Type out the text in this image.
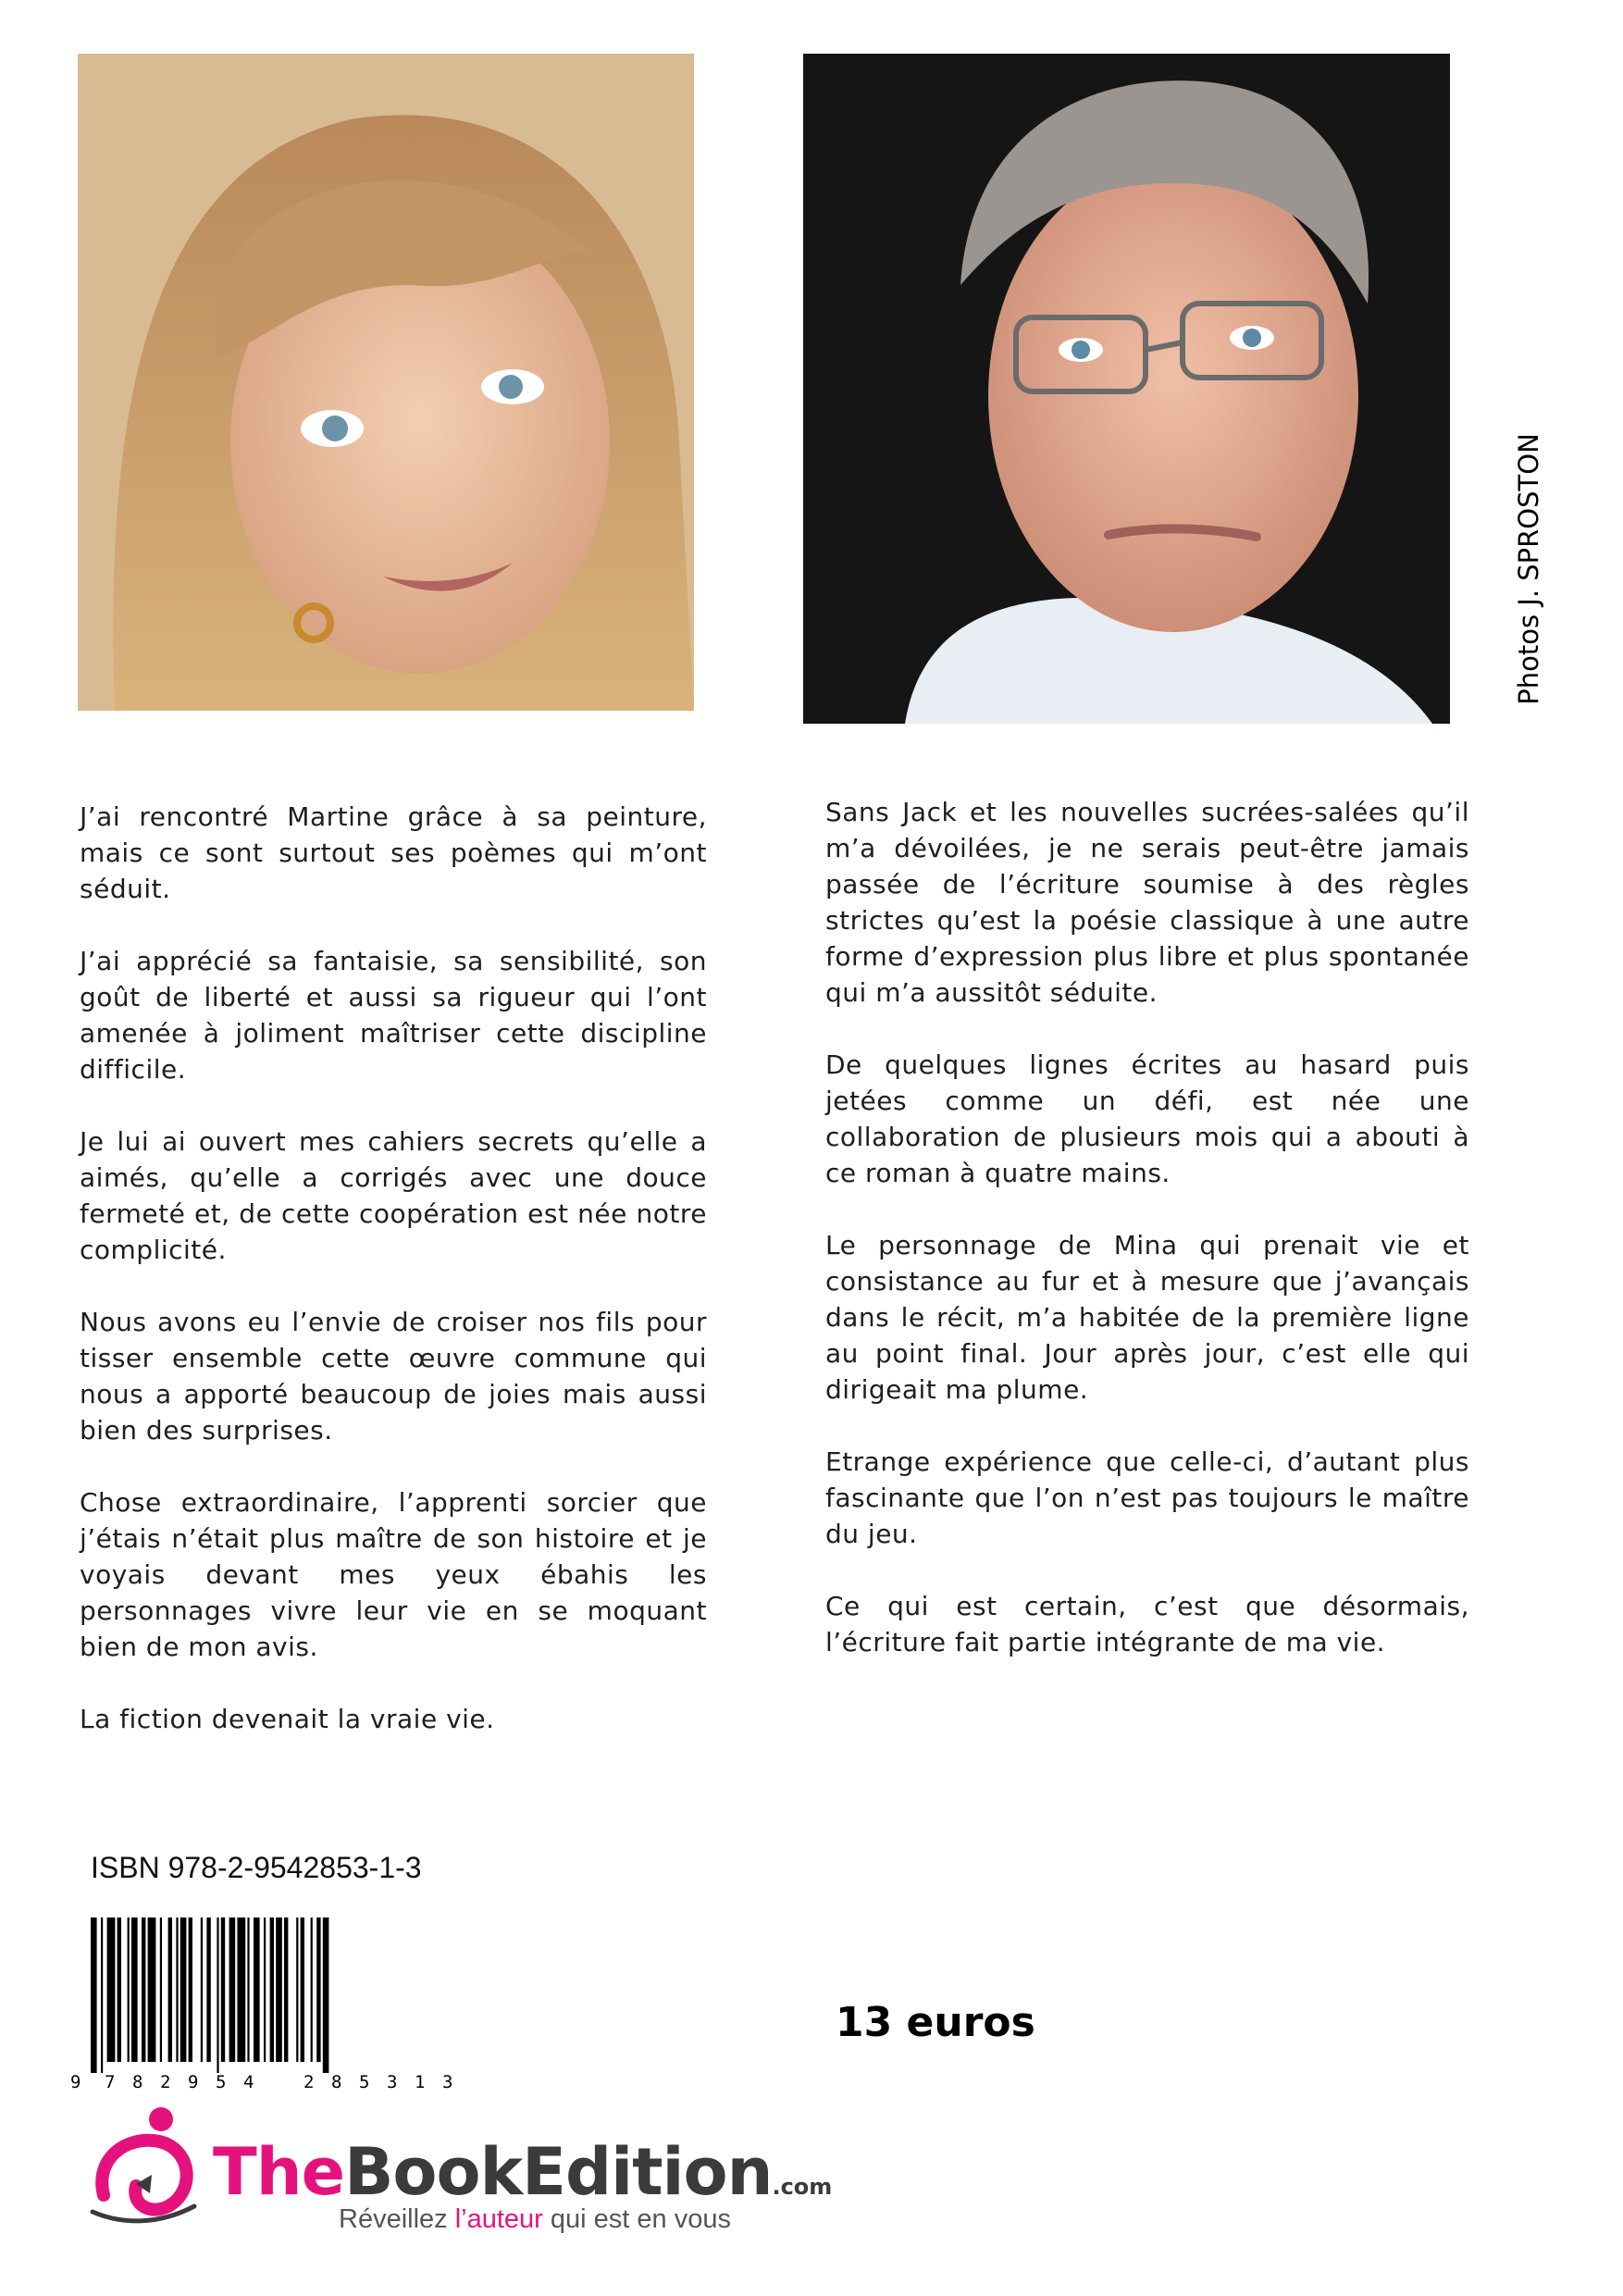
Photos J. SPROSTON

J’ai rencontré Martine grâce à sa peinture, mais ce sont surtout ses poèmes qui m’ont séduit.

J’ai apprécié sa fantaisie, sa sensibilité, son goût de liberté et aussi sa rigueur qui l’ont amenée à joliment maîtriser cette discipline difficile.

Je lui ai ouvert mes cahiers secrets qu’elle a aimés, qu’elle a corrigés avec une douce fermeté et, de cette coopération est née notre complicité.

Nous avons eu l’envie de croiser nos fils pour tisser ensemble cette œuvre commune qui nous a apporté beaucoup de joies mais aussi bien des surprises.

Chose extraordinaire, l’apprenti sorcier que j’étais n’était plus maître de son histoire et je voyais devant mes yeux ébahis les personnages vivre leur vie en se moquant bien de mon avis.

La fiction devenait la vraie vie.

Sans Jack et les nouvelles sucrées-salées qu’il m’a dévoilées, je ne serais peut-être jamais passée de l’écriture soumise à des règles strictes qu’est la poésie classique à une autre forme d’expression plus libre et plus spontanée qui m’a aussitôt séduite.

De quelques lignes écrites au hasard puis jetées comme un défi, est née une collaboration de plusieurs mois qui a abouti à ce roman à quatre mains.

Le personnage de Mina qui prenait vie et consistance au fur et à mesure que j’avançais dans le récit, m’a habitée de la première ligne au point final. Jour après jour, c’est elle qui dirigeait ma plume.

Etrange expérience que celle-ci, d’autant plus fascinante que l’on n’est pas toujours le maître du jeu.

Ce qui est certain, c’est que désormais, l’écriture fait partie intégrante de ma vie.

ISBN 978-2-9542853-1-3
9 7 8 2 9 5 4	2 8 5 3 1 3
13 euros
TheBookEdition.com
Réveillez l’auteur qui est en vous
